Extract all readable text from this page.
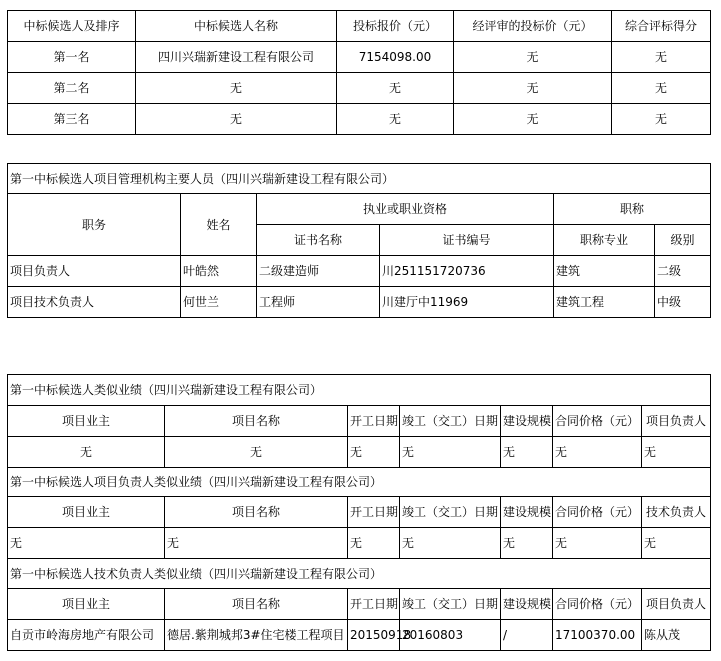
中标候选人及排序	中标候选人名称	投标报价（元）	经评审的投标价（元）	综合评标得分
第一名	四川兴瑞新建设工程有限公司	7154098.00	无	无
第二名	无	无	无	无
第三名	无	无	无	无
第一中标候选人项目管理机构主要人员（四川兴瑞新建设工程有限公司）					
职务	姓名	执业或职业资格		职称	
		证书名称	证书编号	职称专业	级别
项目负责人	叶皓然	二级建造师	川251151720736	建筑	二级
项目技术负责人	何世兰	工程师	川建厅中11969	建筑工程	中级
第一中标候选人类似业绩（四川兴瑞新建设工程有限公司）						
项目业主	项目名称	开工日期	竣工（交工）日期	建设规模	合同价格（元）	项目负责人
无	无	无	无	无	无	无
第一中标候选人项目负责人类似业绩（四川兴瑞新建设工程有限公司）						
项目业主	项目名称	开工日期	竣工（交工）日期	建设规模	合同价格（元）	技术负责人
无	无	无	无	无	无	无
第一中标候选人技术负责人类似业绩（四川兴瑞新建设工程有限公司）						
项目业主	项目名称	开工日期	竣工（交工）日期	建设规模	合同价格（元）	项目负责人
自贡市岭海房地产有限公司	德居.紫荆城邦3#住宅楼工程项目	20150918	20160803	/	17100370.00	陈从茂
